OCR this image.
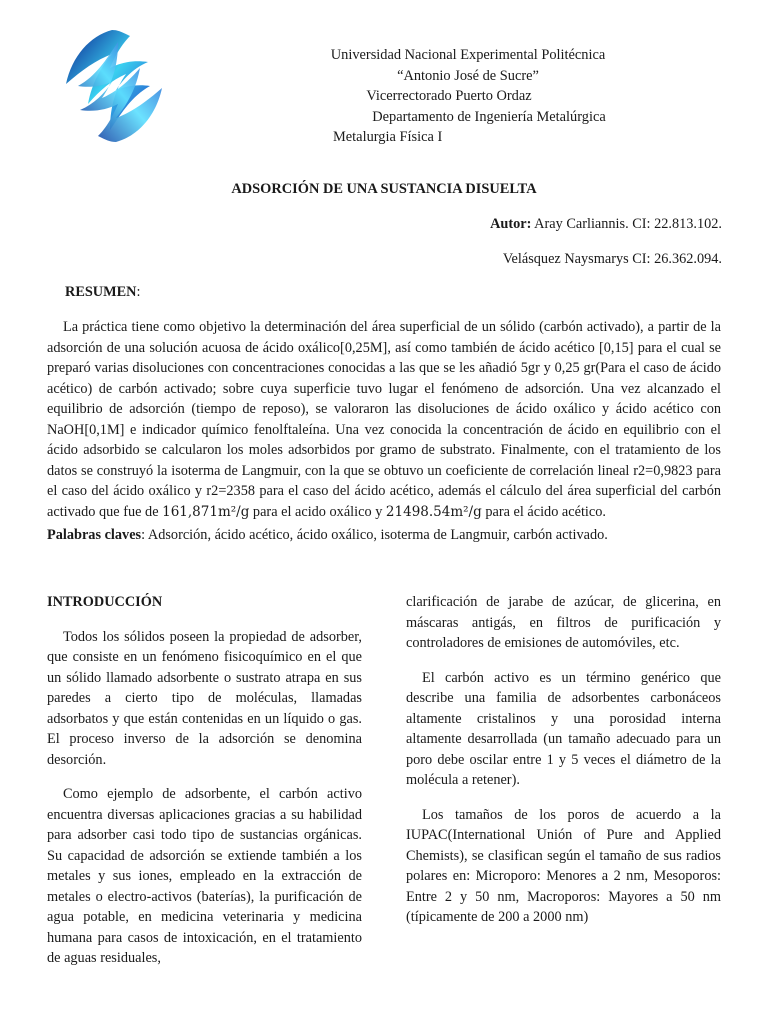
Universidad Nacional Experimental Politécnica
“Antonio José de Sucre”
Vicerrectorado Puerto Ordaz
Departamento de Ingeniería Metalúrgica
Metalurgia Física I
ADSORCIÓN DE UNA SUSTANCIA DISUELTA
Autor: Aray Carliannis. CI: 22.813.102.
Velásquez Naysmarys CI: 26.362.094.
RESUMEN:
La práctica tiene como objetivo la determinación del área superficial de un sólido (carbón activado), a partir de la adsorción de una solución acuosa de ácido oxálico[0,25M], así como también de ácido acético [0,15] para el cual se preparó varias disoluciones con concentraciones conocidas a las que se les añadió 5gr y 0,25 gr(Para el caso de ácido acético) de carbón activado; sobre cuya superficie tuvo lugar el fenómeno de adsorción. Una vez alcanzado el equilibrio de adsorción (tiempo de reposo), se valoraron las disoluciones de ácido oxálico y ácido acético con NaOH[0,1M] e indicador químico fenolftaleína. Una vez conocida la concentración de ácido en equilibrio con el ácido adsorbido se calcularon los moles adsorbidos por gramo de substrato. Finalmente, con el tratamiento de los datos se construyó la isoterma de Langmuir, con la que se obtuvo un coeficiente de correlación lineal r2=0,9823 para el caso del ácido oxálico y r2=2358 para el caso del ácido acético, además el cálculo del área superficial del carbón activado que fue de 161,871m²/g para el acido oxálico y 21498.54m²/g para el ácido acético.
Palabras claves: Adsorción, ácido acético, ácido oxálico, isoterma de Langmuir, carbón activado.
INTRODUCCIÓN

Todos los sólidos poseen la propiedad de adsorber, que consiste en un fenómeno fisicoquímico en el que un sólido llamado adsorbente o sustrato atrapa en sus paredes a cierto tipo de moléculas, llamadas adsorbatos y que están contenidas en un líquido o gas. El proceso inverso de la adsorción se denomina desorción.

Como ejemplo de adsorbente, el carbón activo encuentra diversas aplicaciones gracias a su habilidad para adsorber casi todo tipo de sustancias orgánicas. Su capacidad de adsorción se extiende también a los metales y sus iones, empleado en la extracción de metales o electro-activos (baterías), la purificación de agua potable, en medicina veterinaria y medicina humana para casos de intoxicación, en el tratamiento de aguas residuales,

clarificación de jarabe de azúcar, de glicerina, en máscaras antigás, en filtros de purificación y controladores de emisiones de automóviles, etc.

El carbón activo es un término genérico que describe una familia de adsorbentes carbonáceos altamente cristalinos y una porosidad interna altamente desarrollada (un tamaño adecuado para un poro debe oscilar entre 1 y 5 veces el diámetro de la molécula a retener).

Los tamaños de los poros de acuerdo a la IUPAC(International Unión of Pure and Applied Chemists), se clasifican según el tamaño de sus radios polares en: Microporo: Menores a 2 nm, Mesoporos: Entre 2 y 50 nm, Macroporos: Mayores a 50 nm (típicamente de 200 a 2000 nm)
